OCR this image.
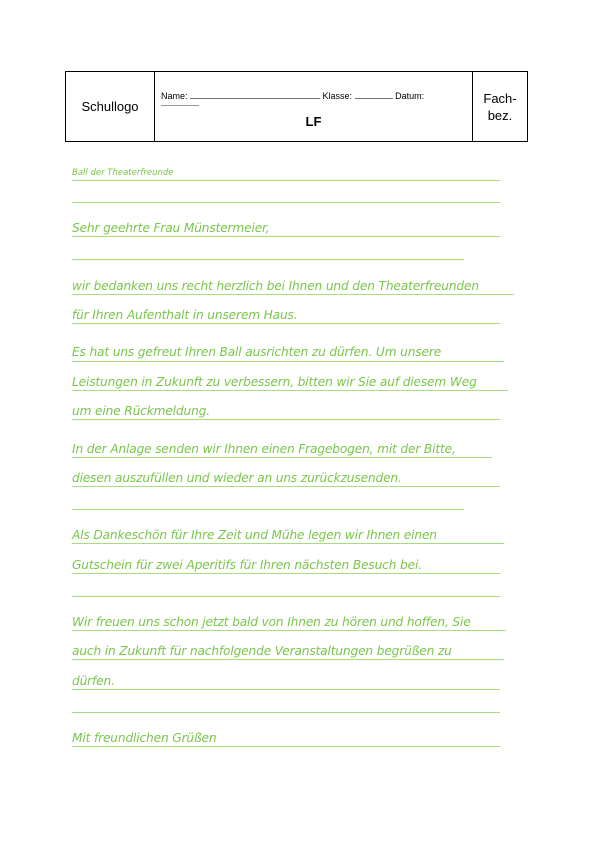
Schullogo
Name:	Klasse:	Datum:
LF
Fach-bez.
Ball der Theaterfreunde
Sehr geehrte Frau Münstermeier,
wir bedanken uns recht herzlich bei Ihnen und den Theaterfreunden
für Ihren Aufenthalt in unserem Haus.
Es hat uns gefreut Ihren Ball ausrichten zu dürfen. Um unsere
Leistungen in Zukunft zu verbessern, bitten wir Sie auf diesem Weg
um eine Rückmeldung.
In der Anlage senden wir Ihnen einen Fragebogen, mit der Bitte,
diesen auszufüllen und wieder an uns zurückzusenden.
Als Dankeschön für Ihre Zeit und Mühe legen wir Ihnen einen
Gutschein für zwei Aperitifs für Ihren nächsten Besuch bei.
Wir freuen uns schon jetzt bald von Ihnen zu hören und hoffen, Sie
auch in Zukunft für nachfolgende Veranstaltungen begrüßen zu
dürfen.
Mit freundlichen Grüßen
